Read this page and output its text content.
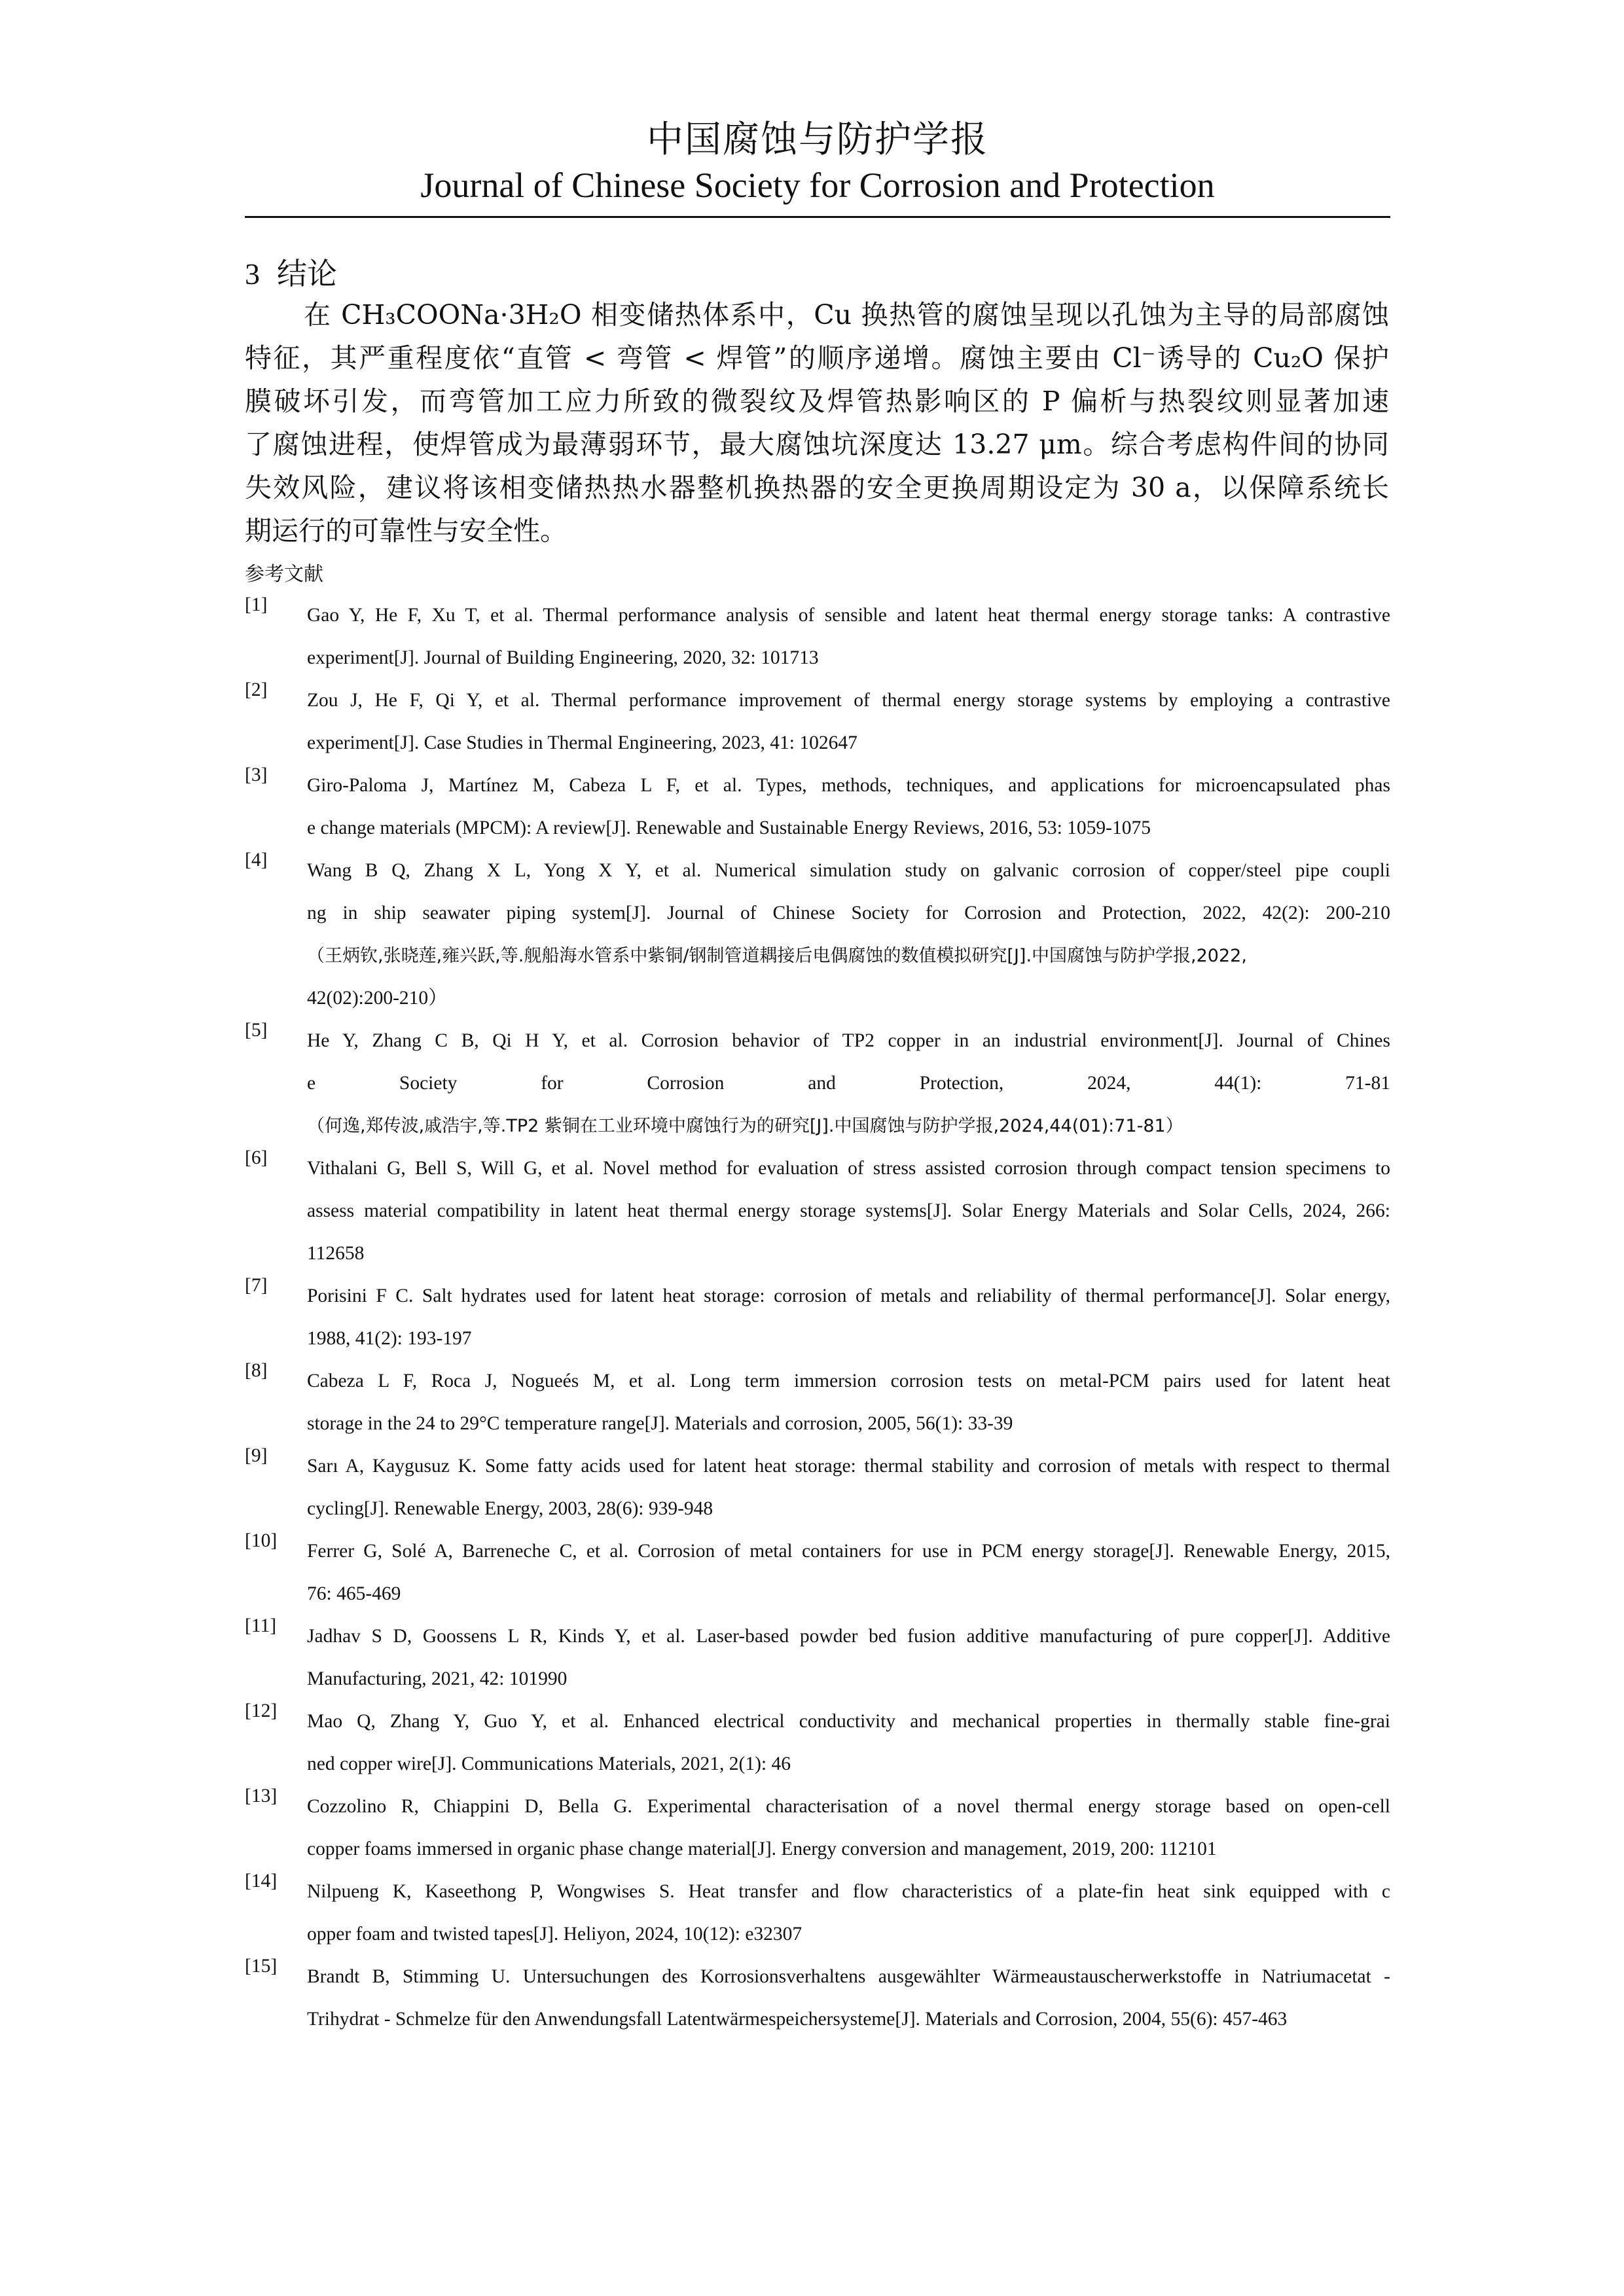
中国腐蚀与防护学报
Journal of Chinese Society for Corrosion and Protection
3 结论
在 CH₃COONa·3H₂O 相变储热体系中，Cu 换热管的腐蚀呈现以孔蚀为主导的局部腐蚀
特征，其严重程度依“直管 < 弯管 < 焊管”的顺序递增。腐蚀主要由 Cl⁻诱导的 Cu₂O 保护
膜破坏引发，而弯管加工应力所致的微裂纹及焊管热影响区的 P 偏析与热裂纹则显著加速
了腐蚀进程，使焊管成为最薄弱环节，最大腐蚀坑深度达 13.27 μm。综合考虑构件间的协同
失效风险，建议将该相变储热热水器整机换热器的安全更换周期设定为 30 a，以保障系统长
期运行的可靠性与安全性。
参考文献
[1]	Gao Y, He F, Xu T, et al. Thermal performance analysis of sensible and latent heat thermal energy storage tanks: A contrastive
experiment[J]. Journal of Building Engineering, 2020, 32: 101713
[2]	Zou J, He F, Qi Y, et al. Thermal performance improvement of thermal energy storage systems by employing a contrastive
experiment[J]. Case Studies in Thermal Engineering, 2023, 41: 102647
[3]	Giro-Paloma J, Martínez M, Cabeza L F, et al. Types, methods, techniques, and applications for microencapsulated phas
e change materials (MPCM): A review[J]. Renewable and Sustainable Energy Reviews, 2016, 53: 1059-1075
[4]	Wang B Q, Zhang X L, Yong X Y, et al. Numerical simulation study on galvanic corrosion of copper/steel pipe coupli
ng in ship seawater piping system[J]. Journal of Chinese Society for Corrosion and Protection, 2022, 42(2): 200-210
（王炳钦,张晓莲,雍兴跃,等.舰船海水管系中紫铜/钢制管道耦接后电偶腐蚀的数值模拟研究[J].中国腐蚀与防护学报,2022,
42(02):200-210）
[5]	He Y, Zhang C B, Qi H Y, et al. Corrosion behavior of TP2 copper in an industrial environment[J]. Journal of Chines
e Society for Corrosion and Protection, 2024, 44(1): 71-81
（何逸,郑传波,戚浩宇,等.TP2 紫铜在工业环境中腐蚀行为的研究[J].中国腐蚀与防护学报,2024,44(01):71-81）
[6]	Vithalani G, Bell S, Will G, et al. Novel method for evaluation of stress assisted corrosion through compact tension specimens to
assess material compatibility in latent heat thermal energy storage systems[J]. Solar Energy Materials and Solar Cells, 2024, 266:
112658
[7]	Porisini F C. Salt hydrates used for latent heat storage: corrosion of metals and reliability of thermal performance[J]. Solar energy,
1988, 41(2): 193-197
[8]	Cabeza L F, Roca J, Nogueés M, et al. Long term immersion corrosion tests on metal-PCM pairs used for latent heat
storage in the 24 to 29°C temperature range[J]. Materials and corrosion, 2005, 56(1): 33-39
[9]	Sarı A, Kaygusuz K. Some fatty acids used for latent heat storage: thermal stability and corrosion of metals with respect to thermal
cycling[J]. Renewable Energy, 2003, 28(6): 939-948
[10]	Ferrer G, Solé A, Barreneche C, et al. Corrosion of metal containers for use in PCM energy storage[J]. Renewable Energy, 2015,
76: 465-469
[11]	Jadhav S D, Goossens L R, Kinds Y, et al. Laser-based powder bed fusion additive manufacturing of pure copper[J]. Additive
Manufacturing, 2021, 42: 101990
[12]	Mao Q, Zhang Y, Guo Y, et al. Enhanced electrical conductivity and mechanical properties in thermally stable fine-grai
ned copper wire[J]. Communications Materials, 2021, 2(1): 46
[13]	Cozzolino R, Chiappini D, Bella G. Experimental characterisation of a novel thermal energy storage based on open-cell
copper foams immersed in organic phase change material[J]. Energy conversion and management, 2019, 200: 112101
[14]	Nilpueng K, Kaseethong P, Wongwises S. Heat transfer and flow characteristics of a plate-fin heat sink equipped with c
opper foam and twisted tapes[J]. Heliyon, 2024, 10(12): e32307
[15]	Brandt B, Stimming U. Untersuchungen des Korrosionsverhaltens ausgewählter Wärmeaustauscherwerkstoffe in Natriumacetat -
Trihydrat - Schmelze für den Anwendungsfall Latentwärmespeichersysteme[J]. Materials and Corrosion, 2004, 55(6): 457-463
